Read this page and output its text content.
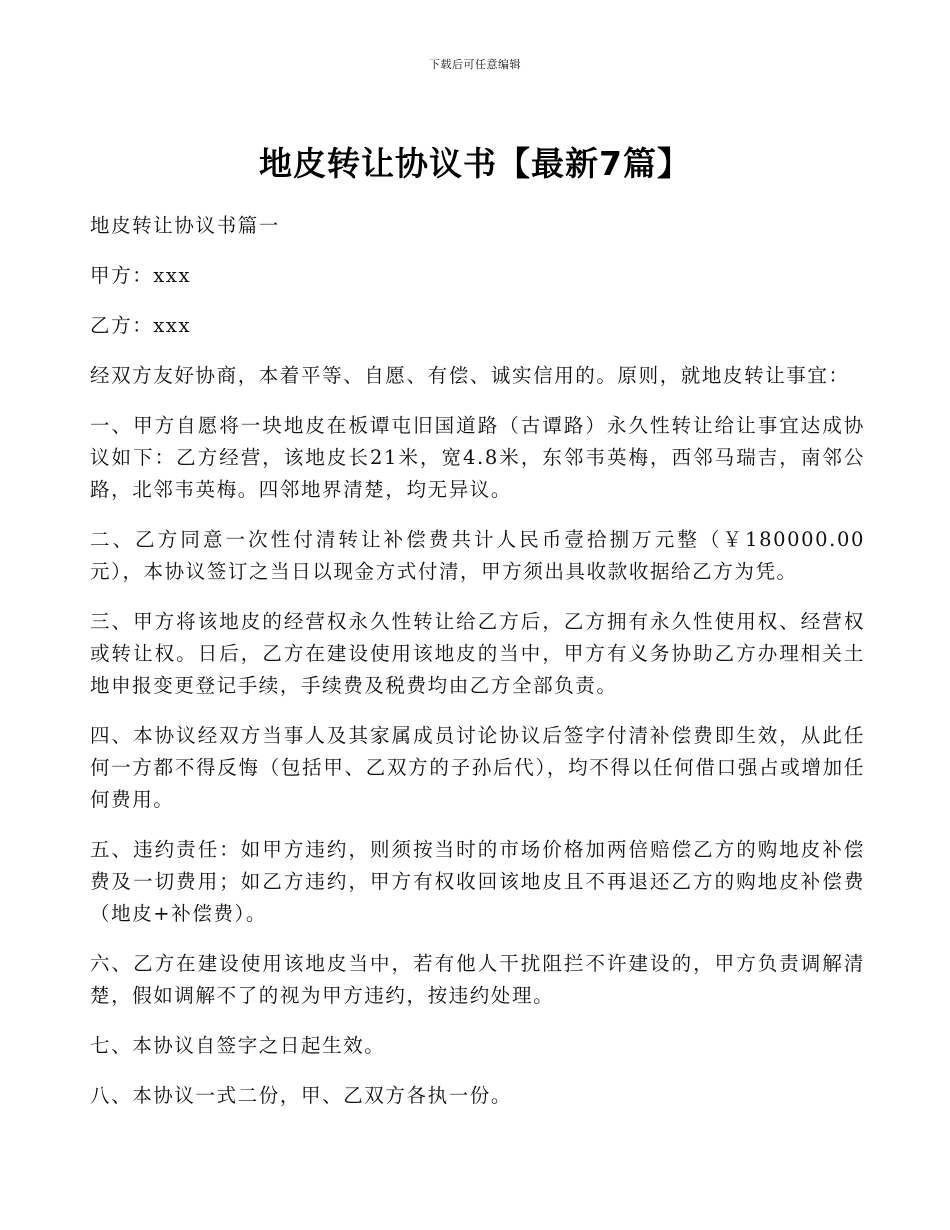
下载后可任意编辑
地皮转让协议书【最新7篇】

地皮转让协议书篇一

甲方：xxx

乙方：xxx

经双方友好协商，本着平等、自愿、有偿、诚实信用的。原则，就地皮转让事宜：

一、甲方自愿将一块地皮在板谭屯旧国道路（古谭路）永久性转让给让事宜达成协议如下：乙方经营，该地皮长21米，宽4.8米，东邻韦英梅，西邻马瑞吉，南邻公路，北邻韦英梅。四邻地界清楚，均无异议。

二、乙方同意一次性付清转让补偿费共计人民币壹拾捌万元整（￥180000.00元），本协议签订之当日以现金方式付清，甲方须出具收款收据给乙方为凭。

三、甲方将该地皮的经营权永久性转让给乙方后，乙方拥有永久性使用权、经营权或转让权。日后，乙方在建设使用该地皮的当中，甲方有义务协助乙方办理相关土地申报变更登记手续，手续费及税费均由乙方全部负责。

四、本协议经双方当事人及其家属成员讨论协议后签字付清补偿费即生效，从此任何一方都不得反悔（包括甲、乙双方的子孙后代），均不得以任何借口强占或增加任何费用。

五、违约责任：如甲方违约，则须按当时的市场价格加两倍赔偿乙方的购地皮补偿费及一切费用；如乙方违约，甲方有权收回该地皮且不再退还乙方的购地皮补偿费（地皮+补偿费）。

六、乙方在建设使用该地皮当中，若有他人干扰阻拦不许建设的，甲方负责调解清楚，假如调解不了的视为甲方违约，按违约处理。

七、本协议自签字之日起生效。

八、本协议一式二份，甲、乙双方各执一份。
